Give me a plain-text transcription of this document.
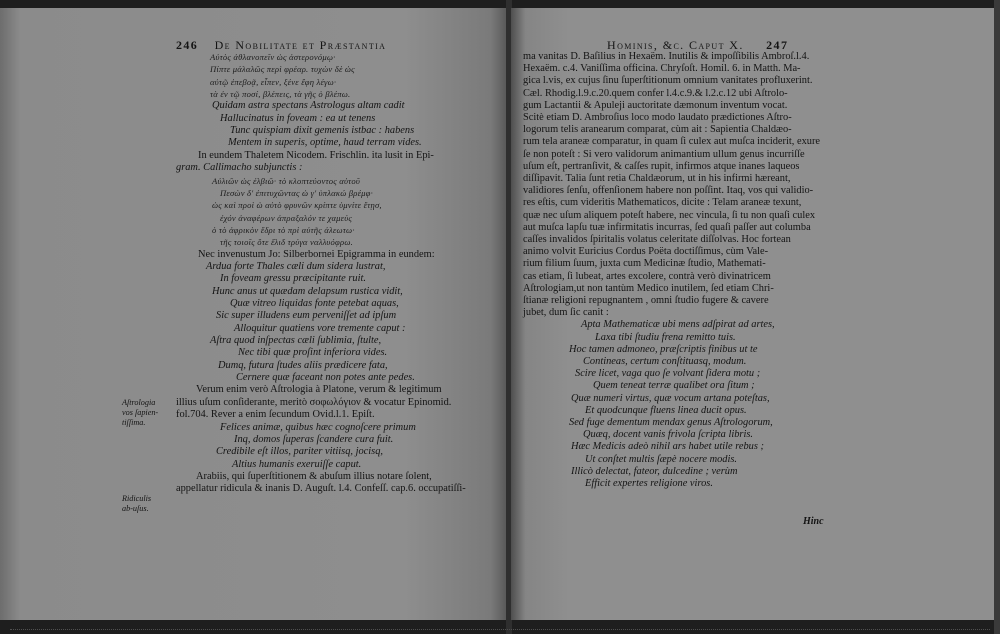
246 De Nobilitate et Præstantia
Αὐτὸς ἀθλανοπεῖν ὡς ἀστερονόμῳ·
Πίπτε μάλαλῶς περὶ φρέαρ. τυχὼν δὲ ὡς
αὐτῷ ἐπεβοᾷ, εἶπεν, ξένε ἔφη λέγω·
τὰ ἐν τῷ ποσί, βλέπεις, τὰ γῆς ὁ βλέπω.
Quidam astra spectans Astrologus altam cadit
Hallucinatus in foveam : ea ut tenens
Tunc quispiam dixit gemenis istbac : habens
Mentem in superis, optime, haud terram vides.
In eundem Thaletem Nicodem. Frischlin. ita lusit in Epi-
gram. Callimacho subjunctis :
Αὐλιῶν ὡς ἐλβιῶ· τὸ κλοπτεύοντος αὐτοῦ
Πεσὼν δ' ἐπιτυχῶντας ὡ γ' ὑπλακώ βρέμφ·
ὡς καὶ προὶ ὡ αὐτὸ φρυνῶν κρίπτε ὑμνίτε ἔτῃσ,
ἐχόν ἀναφέρων ἀπραξαλόν τε χαμεύς
ὁ τὸ ἀφρικὸν ἔδρι τὸ πρὶ αὐτῆς ἀλεωτω·
τῆς τοιοῖς ὅτε ἔλιδ τρύγα ναλλυόφρω.
Nec invenustum Jo: Silberbornei Epigramma in eundem:
Ardua forte Thales cæli dum sidera lustrat,
In foveam gressu præcipitante ruit.
Hunc anus ut quædam delapsum rustica vidit,
Quæ vitreo liquidas fonte petebat aquas,
Sic super illudens eum perveniſſet ad ipſum
Alloquitur quatiens vore tremente caput :
Aſtra quod inſpectas cæli ſublimia, ſtulte,
Nec tibi quæ proſint inferiora vides.
Dumq, futura ſtudes aliis prædicere fata,
Cernere quæ faceant non potes ante pedes.
Verum enim verò Aſtrologia à Platone, verum & legitimum
illius uſum conſiderante, meritò σοφωλόγιον & vocatur Epinomid.
fol.704. Rever a enim ſecundum Ovid.l.1. Epiſt.
Felices animæ, quibus hæc cognoſcere primum
Inq, domos ſuperas ſcandere cura fuit.
Credibile eſt illos, pariter vitiisq, jocisq,
Altius humanis exeruiſſe caput.
Arabiis, qui ſuperſtitionem & abuſum illius notare ſolent,
appellatur ridicula & inanis D. Auguſt. l.4. Confeſſ. cap.6. occupatiſſi-
Aſtrologia vos ſapien-tiſſima.
Ridiculis ab-uſus.
Hominis, &c. Caput X. 247
ma vanitas D. Baſilius in Hexaëm. Inutilis & impoſſibilis Ambroſ.l.4.
Hexaëm. c.4. Vaniſſima officina. Chryſoſt. Homil. 6. in Matth. Ma-
gica l.vis, ex cujus ſinu ſuperſtitionum omnium vanitates profluxerint.
Cæl. Rhodig.l.9.c.20.quem confer l.4.c.9.& l.2.c.12 ubi Aſtrolo-
gum Lactantii & Apuleji auctoritate dæmonum inventum vocat.
Scitè etiam D. Ambroſius loco modo laudato prædictiones Aſtro-
logorum telis aranearum comparat, cùm ait : Sapientia Chaldæo-
rum tela araneæ comparatur, in quam ſi culex aut muſca inciderit, exure
ſe non poteſt : Si vero validorum animantium ullum genus incurriſſe
uſum eſt, pertranſivit, & caſſes rupit, infirmos atque inanes laqueos
diſſipavit. Talia ſunt retia Chaldæorum, ut in his infirmi hæreant,
validiores ſenſu, offenſionem habere non poſſint. Itaq, vos qui validio-
res eſtis, cum videritis Mathematicos, dicite : Telam araneæ texunt,
quæ nec uſum aliquem poteſt habere, nec vincula, ſi tu non quaſi culex
aut muſca lapſu tuæ infirmitatis incurras, ſed quaſi paſſer aut columba
caſſes invalidos ſpiritalis volatus celeritate diſſolvas. Hoc fortean
animo volvit Euricius Cordus Poëta doctiſſimus, cùm Vale-
rium filium ſuum, juxta cum Medicinæ ſtudio, Mathemati-
cas etiam, ſi lubeat, artes excolere, contrà verò divinatricem
Aſtrologiam,ut non tantùm Medico inutilem, ſed etiam Chri-
ſtianæ religioni repugnantem , omni ſtudio fugere & cavere
jubet, dum ſic canit :
Apta Mathematicæ ubi mens adſpirat ad artes,
Laxa tibi ſtudiu frena remitto tuis.
Hoc tamen admoneo, præſcriptis finibus ut te
Contineas, certum conſtituasq, modum.
Scire licet, vaga quo ſe volvant ſidera motu ;
Quem teneat terræ qualibet ora ſitum ;
Quæ numeri virtus, quæ vocum artana poteſtas,
Et quodcunque fluens linea ducit opus.
Sed fuge dementum mendax genus Aſtrologorum,
Quæq, docent vanis frivola ſcripta libris.
Hæc Medicis adeò nihil ars habet utile rebus ;
Ut conſtet multis ſæpè nocere modis.
Illicò delectat, fateor, dulcedine ; verùm
Efficit expertes religione viros.
Hinc
